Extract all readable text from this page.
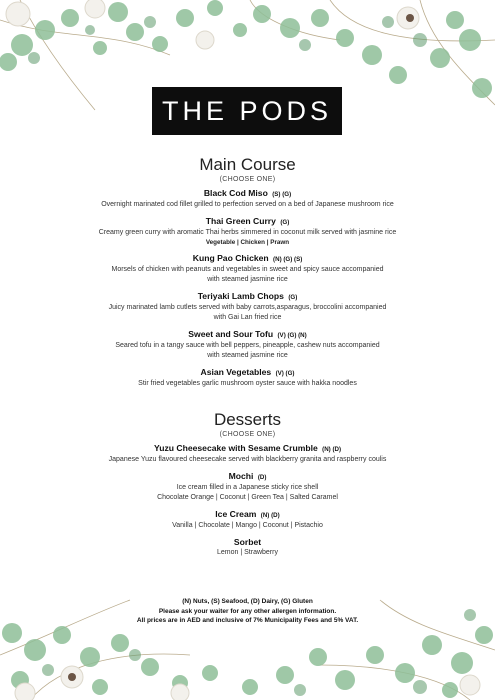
THE PODS
Main Course
(CHOOSE ONE)
Black Cod Miso (S) (G)
Overnight marinated cod fillet grilled to perfection served on a bed of Japanese mushroom rice
Thai Green Curry (G)
Creamy green curry with aromatic Thai herbs simmered in coconut milk served with jasmine rice
Vegetable | Chicken | Prawn
Kung Pao Chicken (N) (G) (S)
Morsels of chicken with peanuts and vegetables in sweet and spicy sauce accompanied
with steamed jasmine rice
Teriyaki Lamb Chops (G)
Juicy marinated lamb cutlets served with baby carrots,asparagus, broccolini accompanied
with Gai Lan fried rice
Sweet and Sour Tofu (V) (G) (N)
Seared tofu in a tangy sauce with bell peppers, pineapple, cashew nuts accompanied
with steamed jasmine rice
Asian Vegetables (V) (G)
Stir fried vegetables garlic mushroom oyster sauce with hakka noodles
Desserts
(CHOOSE ONE)
Yuzu Cheesecake with Sesame Crumble (N) (D)
Japanese Yuzu flavoured cheesecake served with blackberry granita and raspberry coulis
Mochi (D)
Ice cream filled in a Japanese sticky rice shell
Chocolate Orange | Coconut | Green Tea | Salted Caramel
Ice Cream (N) (D)
Vanilla | Chocolate | Mango | Coconut | Pistachio
Sorbet
Lemon | Strawberry
(N) Nuts, (S) Seafood, (D) Dairy, (G) Gluten
Please ask your waiter for any other allergen information.
All prices are in AED and inclusive of 7% Municipality Fees and 5% VAT.
